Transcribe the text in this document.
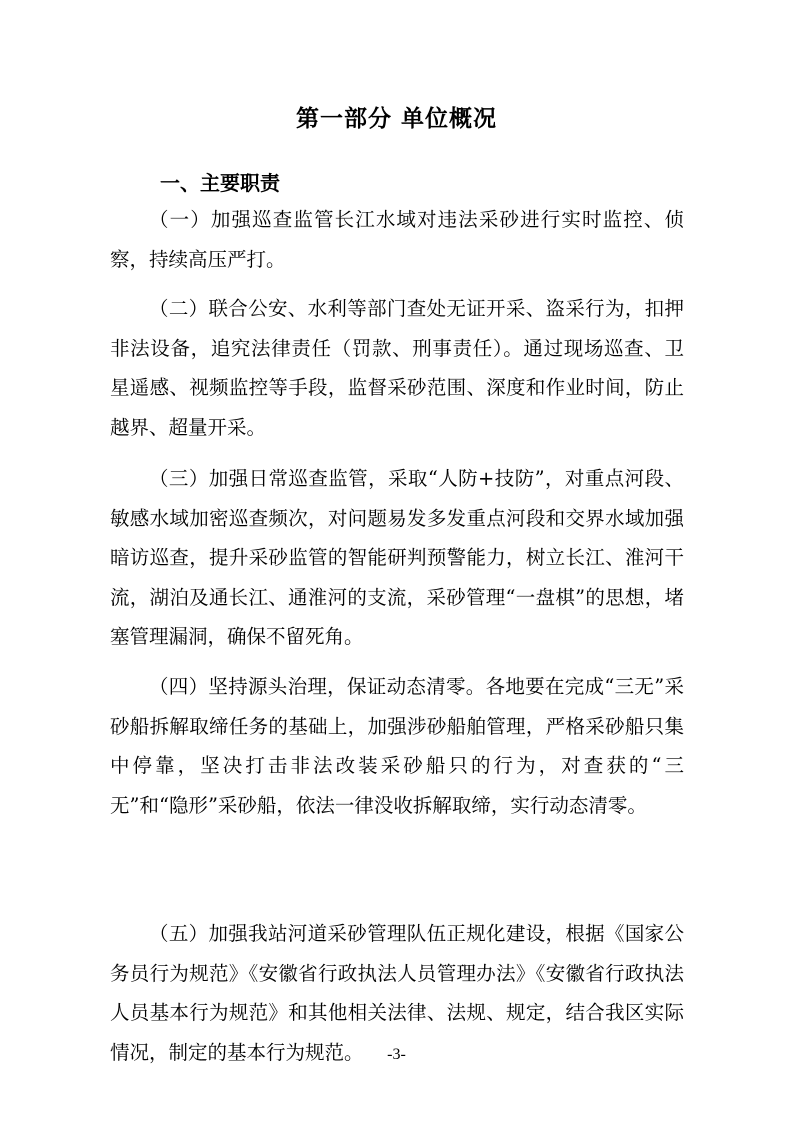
第一部分 单位概况
一、主要职责

（一）加强巡查监管长江水域对违法采砂进行实时监控、侦察，持续高压严打。

（二）联合公安、水利等部门查处无证开采、盗采行为，扣押非法设备，追究法律责任（罚款、刑事责任）。通过现场巡查、卫星遥感、视频监控等手段，监督采砂范围、深度和作业时间，防止越界、超量开采。

（三）加强日常巡查监管，采取“人防+技防”，对重点河段、敏感水域加密巡查频次，对问题易发多发重点河段和交界水域加强暗访巡查，提升采砂监管的智能研判预警能力，树立长江、淮河干流，湖泊及通长江、通淮河的支流，采砂管理“一盘棋”的思想，堵塞管理漏洞，确保不留死角。

（四）坚持源头治理，保证动态清零。各地要在完成“三无”采砂船拆解取缔任务的基础上，加强涉砂船舶管理，严格采砂船只集中停靠，坚决打击非法改装采砂船只的行为，对查获的“三无”和“隐形”采砂船，依法一律没收拆解取缔，实行动态清零。

（五）加强我站河道采砂管理队伍正规化建设，根据《国家公务员行为规范》《安徽省行政执法人员管理办法》《安徽省行政执法人员基本行为规范》和其他相关法律、法规、规定，结合我区实际情况，制定的基本行为规范。	-3-
